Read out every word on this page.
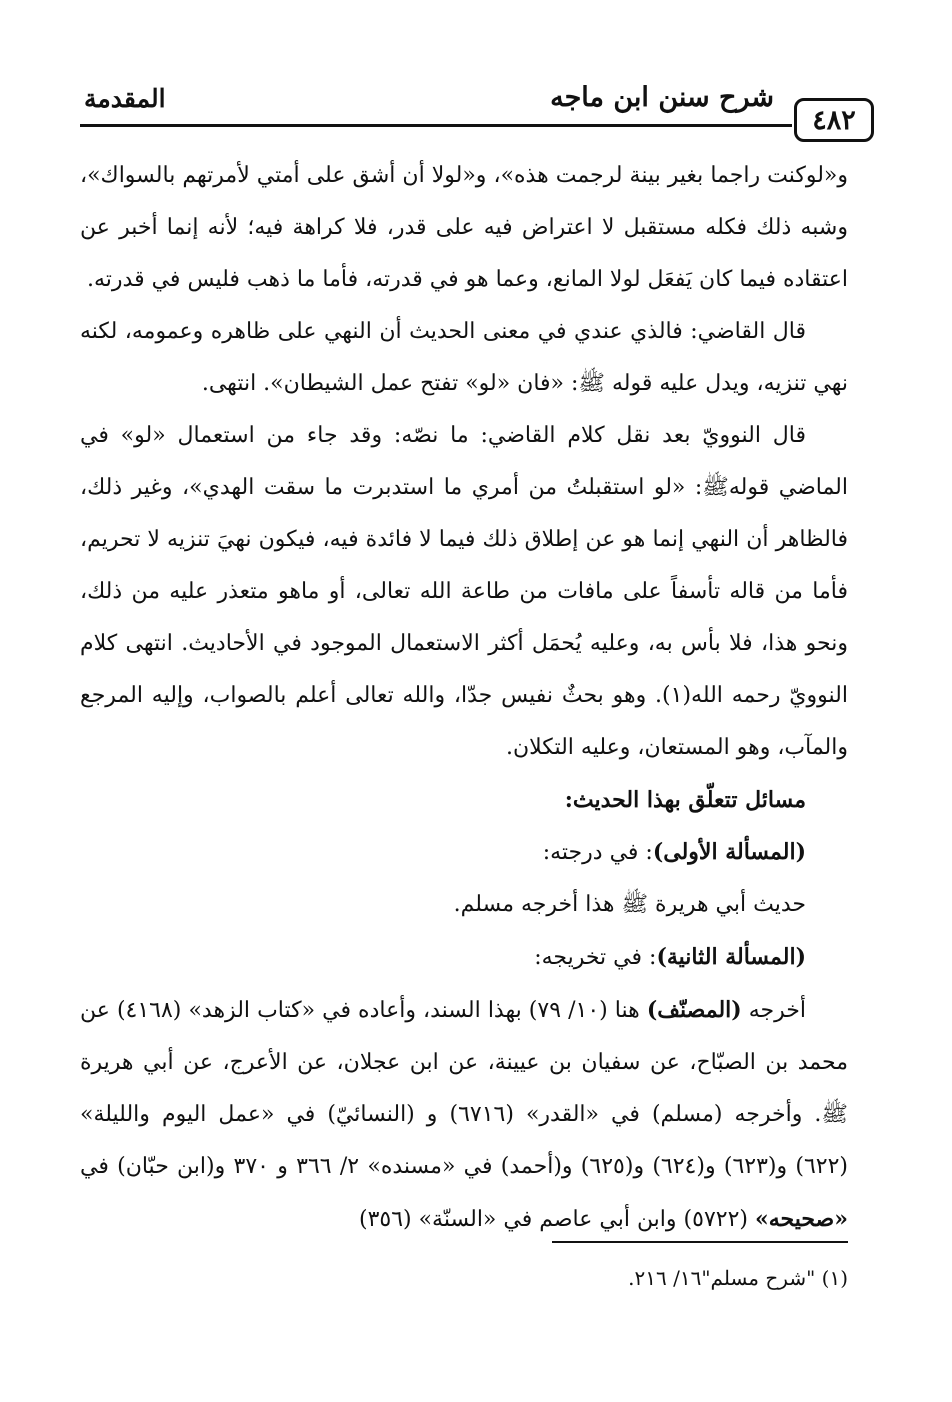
٤٨٢
شرح سنن ابن ماجه
المقدمة

و«لوكنت راجما بغير بينة لرجمت هذه»، و«لولا أن أشق على أمتي لأمرتهم بالسواك»، وشبه ذلك فكله مستقبل لا اعتراض فيه على قدر، فلا كراهة فيه؛ لأنه إنما أخبر عن اعتقاده فيما كان يَفعَل لولا المانع، وعما هو في قدرته، فأما ما ذهب فليس في قدرته.

قال القاضي: فالذي عندي في معنى الحديث أن النهي على ظاهره وعمومه، لكنه نهي تنزيه، ويدل عليه قوله ﷺ: «فان «لو» تفتح عمل الشيطان». انتهى.

قال النوويّ بعد نقل كلام القاضي: ما نصّه: وقد جاء من استعمال «لو» في الماضي قولهﷺ: «لو استقبلتُ من أمري ما استدبرت ما سقت الهدي»، وغير ذلك، فالظاهر أن النهي إنما هو عن إطلاق ذلك فيما لا فائدة فيه، فيكون نهيَ تنزيه لا تحريم، فأما من قاله تأسفاً على مافات من طاعة الله تعالى، أو ماهو متعذر عليه من ذلك، ونحو هذا، فلا بأس به، وعليه يُحمَل أكثر الاستعمال الموجود في الأحاديث. انتهى كلام النوويّ رحمه الله(١). وهو بحثٌ نفيس جدّا، والله تعالى أعلم بالصواب، وإليه المرجع والمآب، وهو المستعان، وعليه التكلان.

مسائل تتعلّق بهذا الحديث:

(المسألة الأولى): في درجته:

حديث أبي هريرة ﷺ هذا أخرجه مسلم.

(المسألة الثانية): في تخريجه:

أخرجه (المصنّف) هنا (١٠/ ٧٩) بهذا السند، وأعاده في «كتاب الزهد» (٤١٦٨) عن محمد بن الصبّاح، عن سفيان بن عيينة، عن ابن عجلان، عن الأعرج، عن أبي هريرة ﷺ. وأخرجه (مسلم) في «القدر» (٦٧١٦) و (النسائيّ) في «عمل اليوم والليلة» (٦٢٢) و(٦٢٣) و(٦٢٤) و(٦٢٥) و(أحمد) في «مسنده» ٢/ ٣٦٦ و ٣٧٠ و(ابن حبّان) في «صحيحه» (٥٧٢٢) وابن أبي عاصم في «السنّة» (٣٥٦)

(١) "شرح مسلم"١٦/ ٢١٦.
